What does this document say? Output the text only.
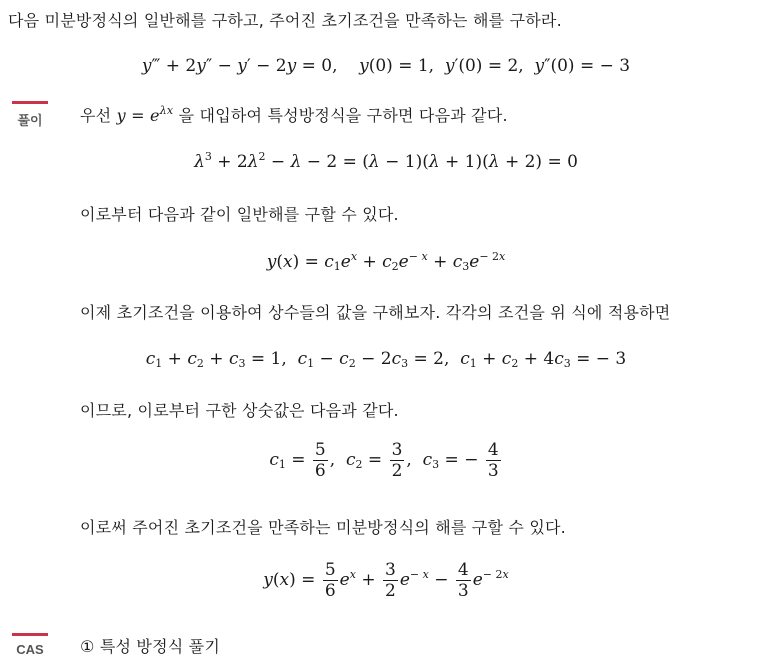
다음 미분방정식의 일반해를 구하고, 주어진 초기조건을 만족하는 해를 구하라.
y‴ + 2y″ − y′ − 2y = 0,    y(0) = 1,  y′(0) = 2,  y″(0) = − 3
풀이	우선 $y = e^{\lambda x}$ 을 대입하여 특성방정식을 구하면 다음과 같다.
$\lambda^3 + 2\lambda^2 - \lambda - 2 = (\lambda - 1)(\lambda + 1)(\lambda + 2) = 0$
이로부터 다음과 같이 일반해를 구할 수 있다.
$y(x) = c_1e^x + c_2e^{- x} + c_3e^{- 2x}$
이제 초기조건을 이용하여 상수들의 값을 구해보자. 각각의 조건을 위 식에 적용하면
$c_1 + c_2 + c_3 = 1$,  $c_1 - c_2 - 2c_3 = 2$,  $c_1 + c_2 + 4c_3$ = − 3
이므로, 이로부터 구한 상숫값은 다음과 같다.
$c_1 = \frac{5}{6}$ ,  $c_2 = \frac{3}{2}$ ,  $c_3$ = − $\frac{4}{3}$
이로써 주어진 초기조건을 만족하는 미분방정식의 해를 구할 수 있다.
$y(x) = \frac{5}{6} e^x + \frac{3}{2} e^{- x} - \frac{4}{3} e^{- 2x}$
CAS ① 특성 방정식 풀기
